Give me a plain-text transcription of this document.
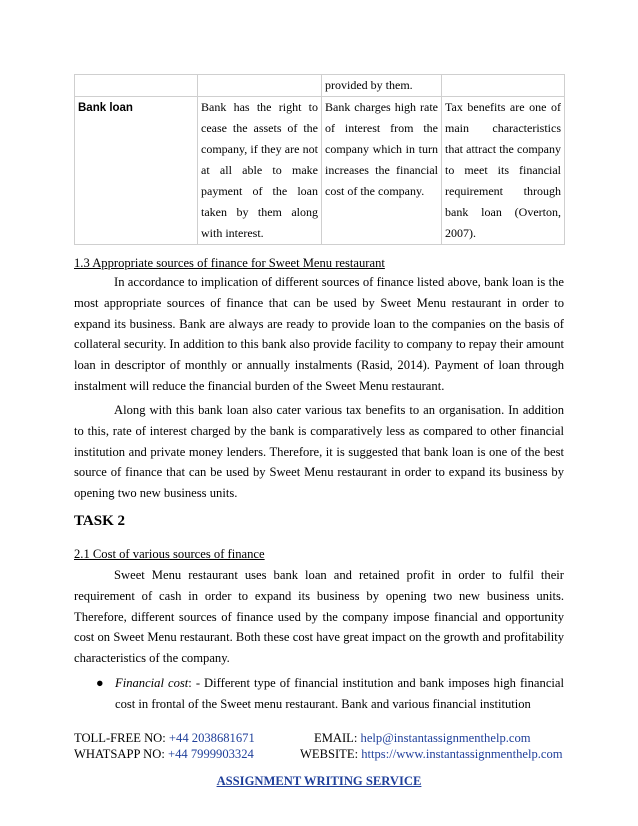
		provided by them.	
Bank loan	Bank has the right to cease the assets of the company, if they are not at all able to make payment of the loan taken by them along with interest.	Bank charges high rate of interest from the company which in turn increases the financial cost of the company.	Tax benefits are one of main characteristics that attract the company to meet its financial requirement through bank loan (Overton, 2007).
1.3 Appropriate sources of finance for Sweet Menu restaurant

In accordance to implication of different sources of finance listed above, bank loan is the most appropriate sources of finance that can be used by Sweet Menu restaurant in order to expand its business. Bank are always are ready to provide loan to the companies on the basis of collateral security. In addition to this bank also provide facility to company to repay their amount loan in descriptor of monthly or annually instalments (Rasid, 2014). Payment of loan through instalment will reduce the financial burden of the Sweet Menu restaurant.

Along with this bank loan also cater various tax benefits to an organisation. In addition to this, rate of interest charged by the bank is comparatively less as compared to other financial institution and private money lenders. Therefore, it is suggested that bank loan is one of the best source of finance that can be used by Sweet Menu restaurant in order to expand its business by opening two new business units.

TASK 2
2.1 Cost of various sources of finance

Sweet Menu restaurant uses bank loan and retained profit in order to fulfil their requirement of cash in order to expand its business by opening two new business units. Therefore, different sources of finance used by the company impose financial and opportunity cost on Sweet Menu restaurant. Both these cost have great impact on the growth and profitability characteristics of the company.

● Financial cost: - Different type of financial institution and bank imposes high financial cost in frontal of the Sweet menu restaurant. Bank and various financial institution
TOLL-FREE NO: +44 2038681671	EMAIL: help@instantassignmenthelp.com
WHATSAPP NO: +44 7999903324	WEBSITE: https://www.instantassignmenthelp.com
ASSIGNMENT WRITING SERVICE
